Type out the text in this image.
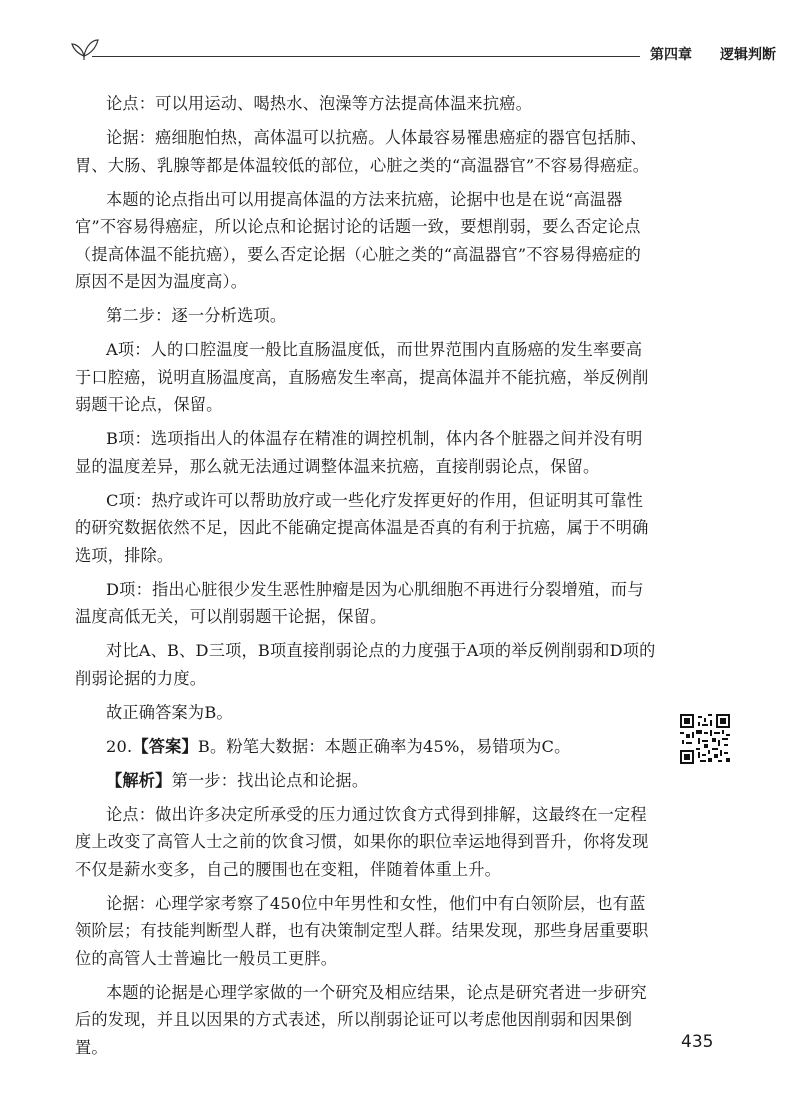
第四章 逻辑判断

论点：可以用运动、喝热水、泡澡等方法提高体温来抗癌。

论据：癌细胞怕热，高体温可以抗癌。人体最容易罹患癌症的器官包括肺、胃、大肠、乳腺等都是体温较低的部位，心脏之类的“高温器官”不容易得癌症。

本题的论点指出可以用提高体温的方法来抗癌，论据中也是在说“高温器官”不容易得癌症，所以论点和论据讨论的话题一致，要想削弱，要么否定论点（提高体温不能抗癌），要么否定论据（心脏之类的“高温器官”不容易得癌症的原因不是因为温度高）。

第二步：逐一分析选项。

A项：人的口腔温度一般比直肠温度低，而世界范围内直肠癌的发生率要高于口腔癌，说明直肠温度高，直肠癌发生率高，提高体温并不能抗癌，举反例削弱题干论点，保留。

B项：选项指出人的体温存在精准的调控机制，体内各个脏器之间并没有明显的温度差异，那么就无法通过调整体温来抗癌，直接削弱论点，保留。

C项：热疗或许可以帮助放疗或一些化疗发挥更好的作用，但证明其可靠性的研究数据依然不足，因此不能确定提高体温是否真的有利于抗癌，属于不明确选项，排除。

D项：指出心脏很少发生恶性肿瘤是因为心肌细胞不再进行分裂增殖，而与温度高低无关，可以削弱题干论据，保留。

对比A、B、D三项，B项直接削弱论点的力度强于A项的举反例削弱和D项的削弱论据的力度。

故正确答案为B。

20.【答案】B。粉笔大数据：本题正确率为45%，易错项为C。

【解析】第一步：找出论点和论据。

论点：做出许多决定所承受的压力通过饮食方式得到排解，这最终在一定程度上改变了高管人士之前的饮食习惯，如果你的职位幸运地得到晋升，你将发现不仅是薪水变多，自己的腰围也在变粗，伴随着体重上升。

论据：心理学家考察了450位中年男性和女性，他们中有白领阶层，也有蓝领阶层；有技能判断型人群，也有决策制定型人群。结果发现，那些身居重要职位的高管人士普遍比一般员工更胖。

本题的论据是心理学家做的一个研究及相应结果，论点是研究者进一步研究后的发现，并且以因果的方式表述，所以削弱论证可以考虑他因削弱和因果倒置。	435
